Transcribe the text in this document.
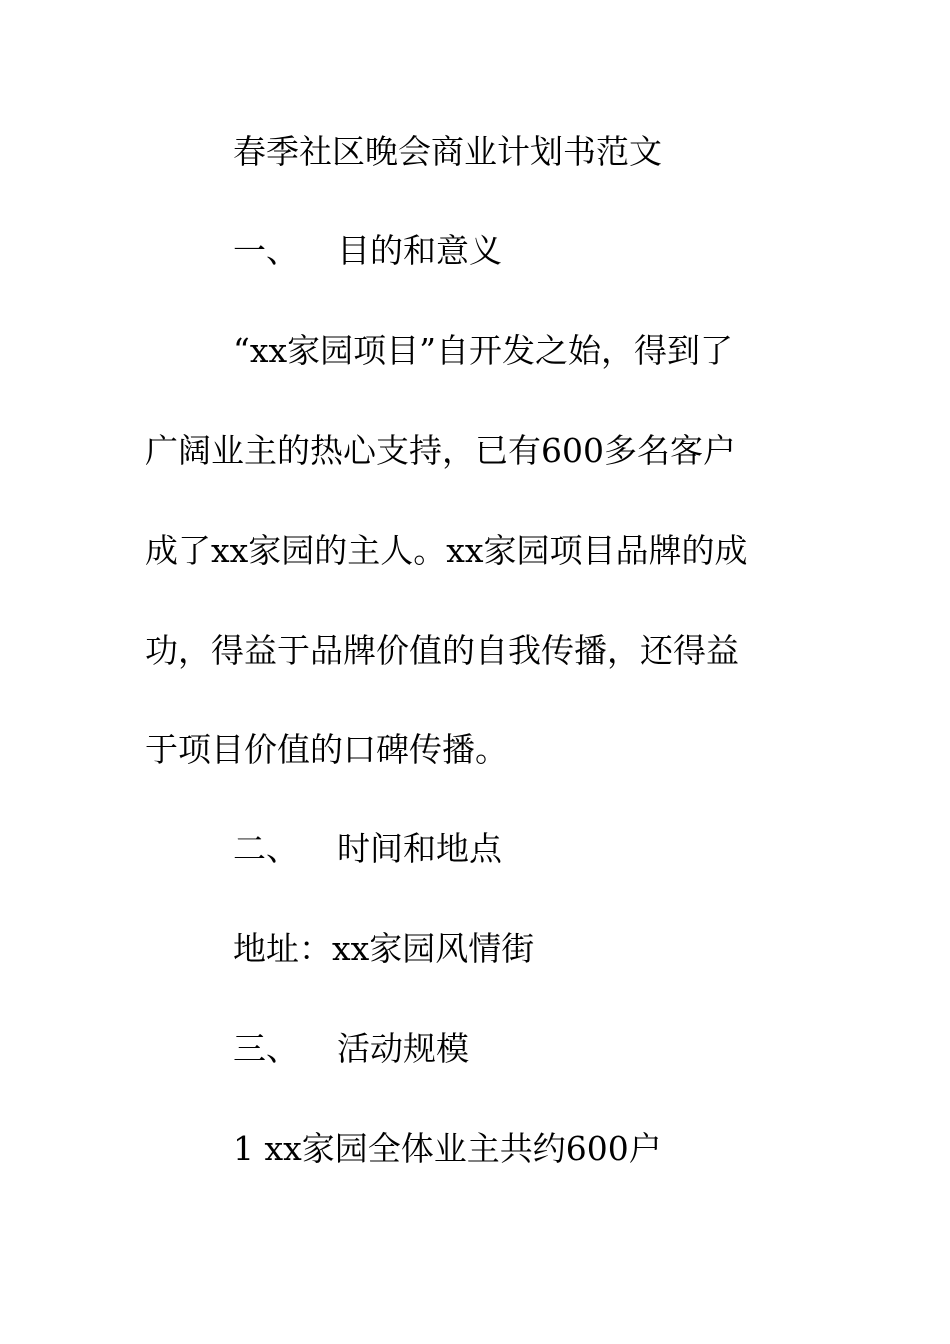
春季社区晚会商业计划书范文
一、 目的和意义
“xx家园项目”自开发之始，得到了
广阔业主的热心支持，已有600多名客户
成了xx家园的主人。xx家园项目品牌的成
功，得益于品牌价值的自我传播，还得益
于项目价值的口碑传播。
二、 时间和地点
地址：xx家园风情街
三、 活动规模
1 xx家园全体业主共约600户
